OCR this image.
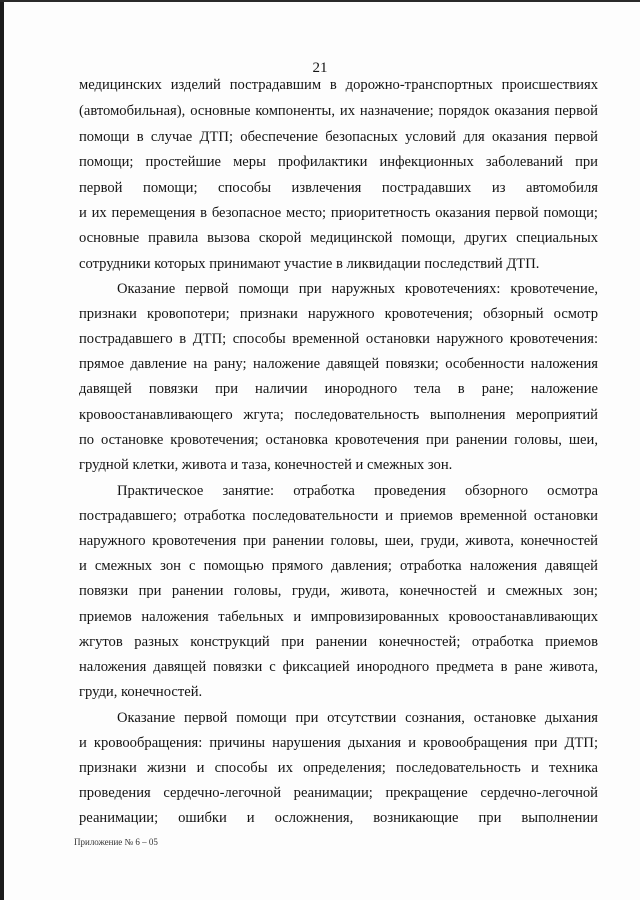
21
медицинских изделий пострадавшим в дорожно-транспортных происшествиях
(автомобильная), основные компоненты, их назначение; порядок оказания первой
помощи в случае ДТП; обеспечение безопасных условий для оказания первой
помощи; простейшие меры профилактики инфекционных заболеваний при
первой помощи; способы извлечения пострадавших из автомобиля
и их перемещения в безопасное место; приоритетность оказания первой помощи;
основные правила вызова скорой медицинской помощи, других специальных
сотрудники которых принимают участие в ликвидации последствий ДТП.
Оказание первой помощи при наружных кровотечениях: кровотечение,
признаки кровопотери; признаки наружного кровотечения; обзорный осмотр
пострадавшего в ДТП; способы временной остановки наружного кровотечения:
прямое давление на рану; наложение давящей повязки; особенности наложения
давящей повязки при наличии инородного тела в ране; наложение
кровоостанавливающего жгута; последовательность выполнения мероприятий
по остановке кровотечения; остановка кровотечения при ранении головы, шеи,
грудной клетки, живота и таза, конечностей и смежных зон.
Практическое занятие: отработка проведения обзорного осмотра
пострадавшего; отработка последовательности и приемов временной остановки
наружного кровотечения при ранении головы, шеи, груди, живота, конечностей
и смежных зон с помощью прямого давления; отработка наложения давящей
повязки при ранении головы, груди, живота, конечностей и смежных зон;
приемов наложения табельных и импровизированных кровоостанавливающих
жгутов разных конструкций при ранении конечностей; отработка приемов
наложения давящей повязки с фиксацией инородного предмета в ране живота,
груди, конечностей.
Оказание первой помощи при отсутствии сознания, остановке дыхания
и кровообращения: причины нарушения дыхания и кровообращения при ДТП;
признаки жизни и способы их определения; последовательность и техника
проведения сердечно-легочной реанимации; прекращение сердечно-легочной
реанимации; ошибки и осложнения, возникающие при выполнении
Приложение № 6 – 05
